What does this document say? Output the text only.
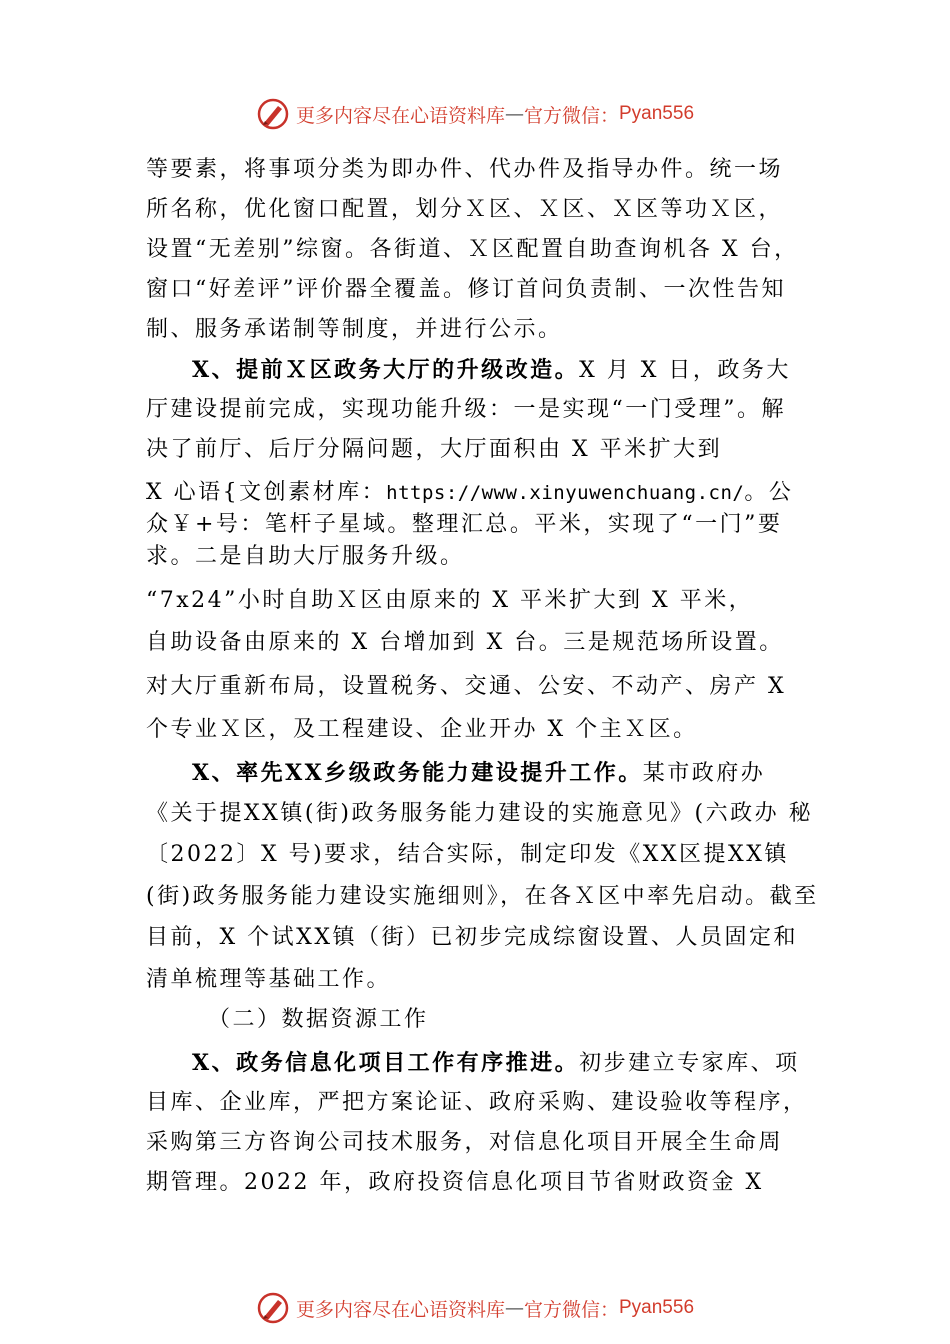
更多内容尽在心语资料库 — 官方微信： Pyan556
等要素，将事项分类为即办件、代办件及指导办件。统一场
所名称，优化窗口配置，划分Ｘ区、Ｘ区、Ｘ区等功Ｘ区，
设置“无差别”综窗。各街道、Ｘ区配置自助查询机各 X 台，
窗口“好差评”评价器全覆盖。修订首问负责制、一次性告知
制、服务承诺制等制度，并进行公示。
X、提前Ｘ区政务大厅的升级改造。X 月 X 日，政务大
厅建设提前完成，实现功能升级：一是实现“一门受理”。解
决了前厅、后厅分隔问题，大厅面积由 X 平米扩大到
X 心语{文创素材库：https://www.xinyuwenchuang.cn/。公
众￥+号：笔杆子星域。整理汇总。平米，实现了“一门”要
求。二是自助大厅服务升级。
“7x24”小时自助Ｘ区由原来的 X 平米扩大到 X 平米，
自助设备由原来的 X 台增加到 X 台。三是规范场所设置。
对大厅重新布局，设置税务、交通、公安、不动产、房产 X
个专业Ｘ区，及工程建设、企业开办 X 个主Ｘ区。
X、率先XX乡级政务能力建设提升工作。某市政府办
《关于提XX镇(街)政务服务能力建设的实施意见》(六政办 秘
〔2022〕X 号)要求，结合实际，制定印发《XX区提XX镇
(街)政务服务能力建设实施细则》，在各Ｘ区中率先启动。截至
目前，X 个试XX镇（街）已初步完成综窗设置、人员固定和
清单梳理等基础工作。
（二）数据资源工作
X、政务信息化项目工作有序推进。初步建立专家库、项
目库、企业库，严把方案论证、政府采购、建设验收等程序，
采购第三方咨询公司技术服务，对信息化项目开展全生命周
期管理。2022 年，政府投资信息化项目节省财政资金 X
更多内容尽在心语资料库 — 官方微信： Pyan556
